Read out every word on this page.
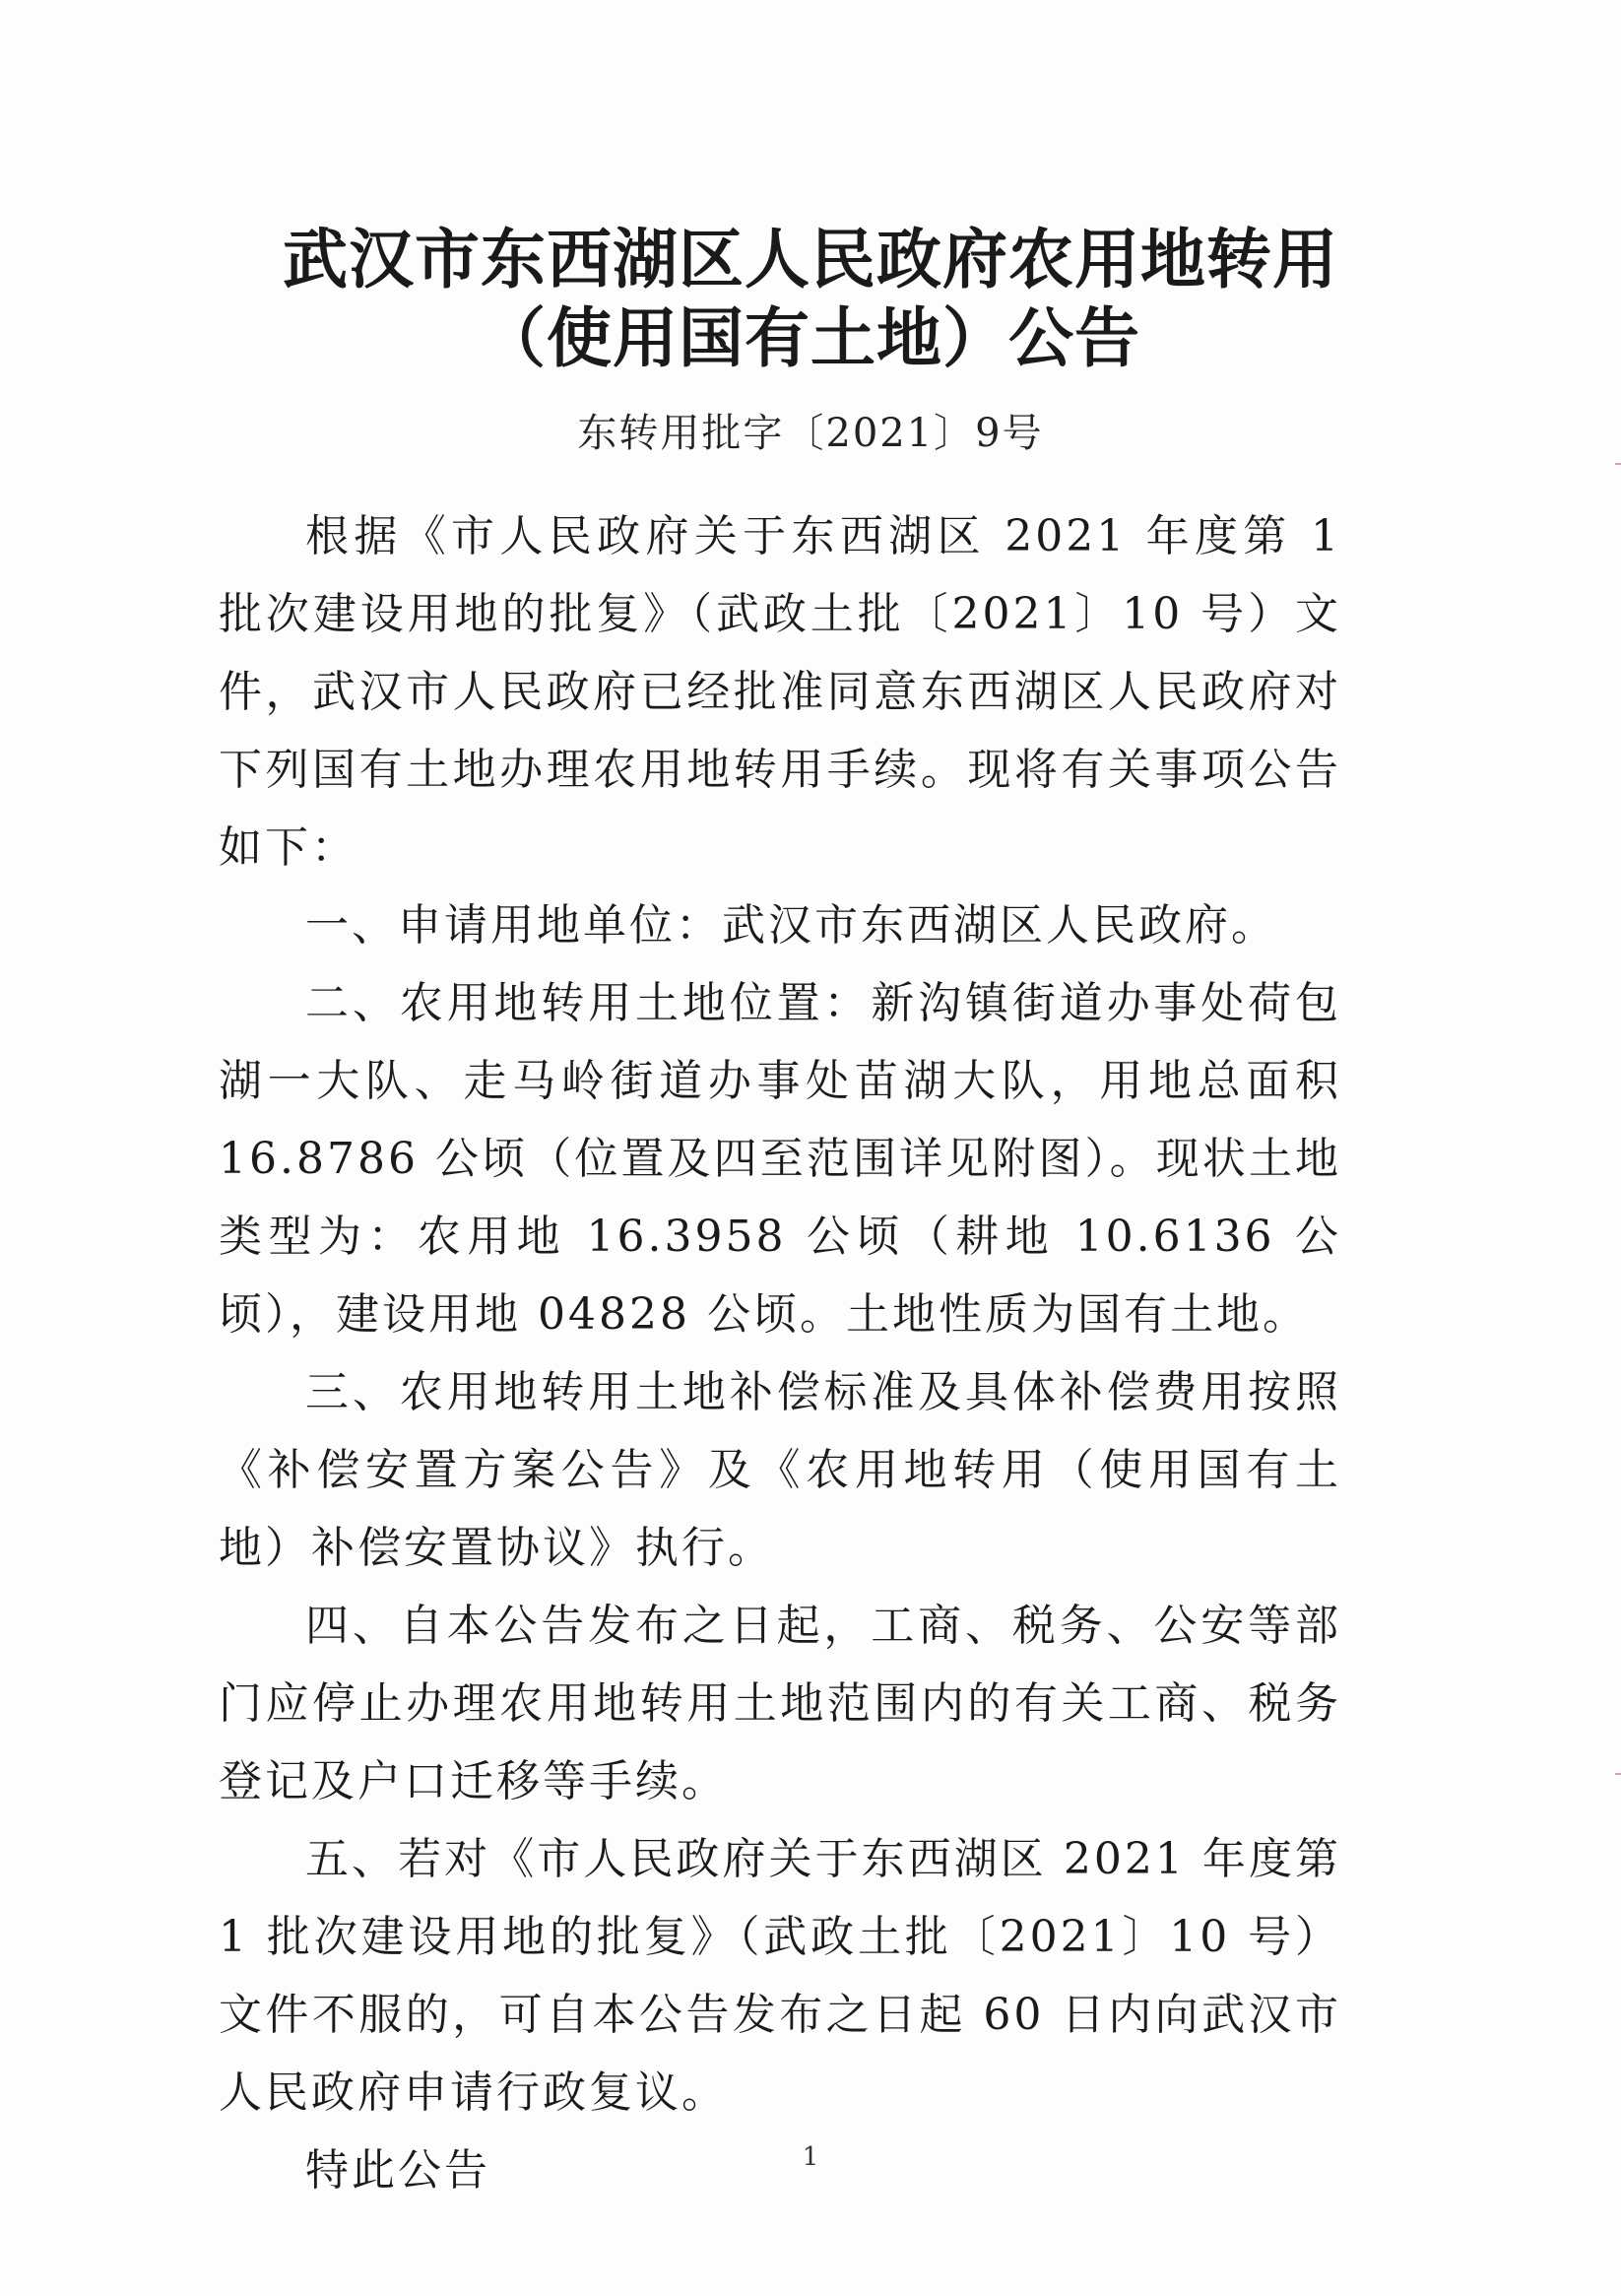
武汉市东西湖区人民政府农用地转用
（使用国有土地）公告
东转用批字〔2021〕9号

根据《市人民政府关于东西湖区 2021 年度第 1 批次建设用地的批复》（武政土批〔2021〕10 号）文件，武汉市人民政府已经批准同意东西湖区人民政府对下列国有土地办理农用地转用手续。现将有关事项公告如下：

一、申请用地单位：武汉市东西湖区人民政府。

二、农用地转用土地位置：新沟镇街道办事处荷包湖一大队、走马岭街道办事处苗湖大队，用地总面积 16.8786 公顷（位置及四至范围详见附图）。现状土地类型为：农用地 16.3958 公顷（耕地 10.6136 公顷），建设用地 04828 公顷。土地性质为国有土地。

三、农用地转用土地补偿标准及具体补偿费用按照《补偿安置方案公告》及《农用地转用（使用国有土地）补偿安置协议》执行。

四、自本公告发布之日起，工商、税务、公安等部门应停止办理农用地转用土地范围内的有关工商、税务登记及户口迁移等手续。

五、若对《市人民政府关于东西湖区 2021 年度第 1 批次建设用地的批复》（武政土批〔2021〕10 号）文件不服的，可自本公告发布之日起 60 日内向武汉市人民政府申请行政复议。

特此公告	1
